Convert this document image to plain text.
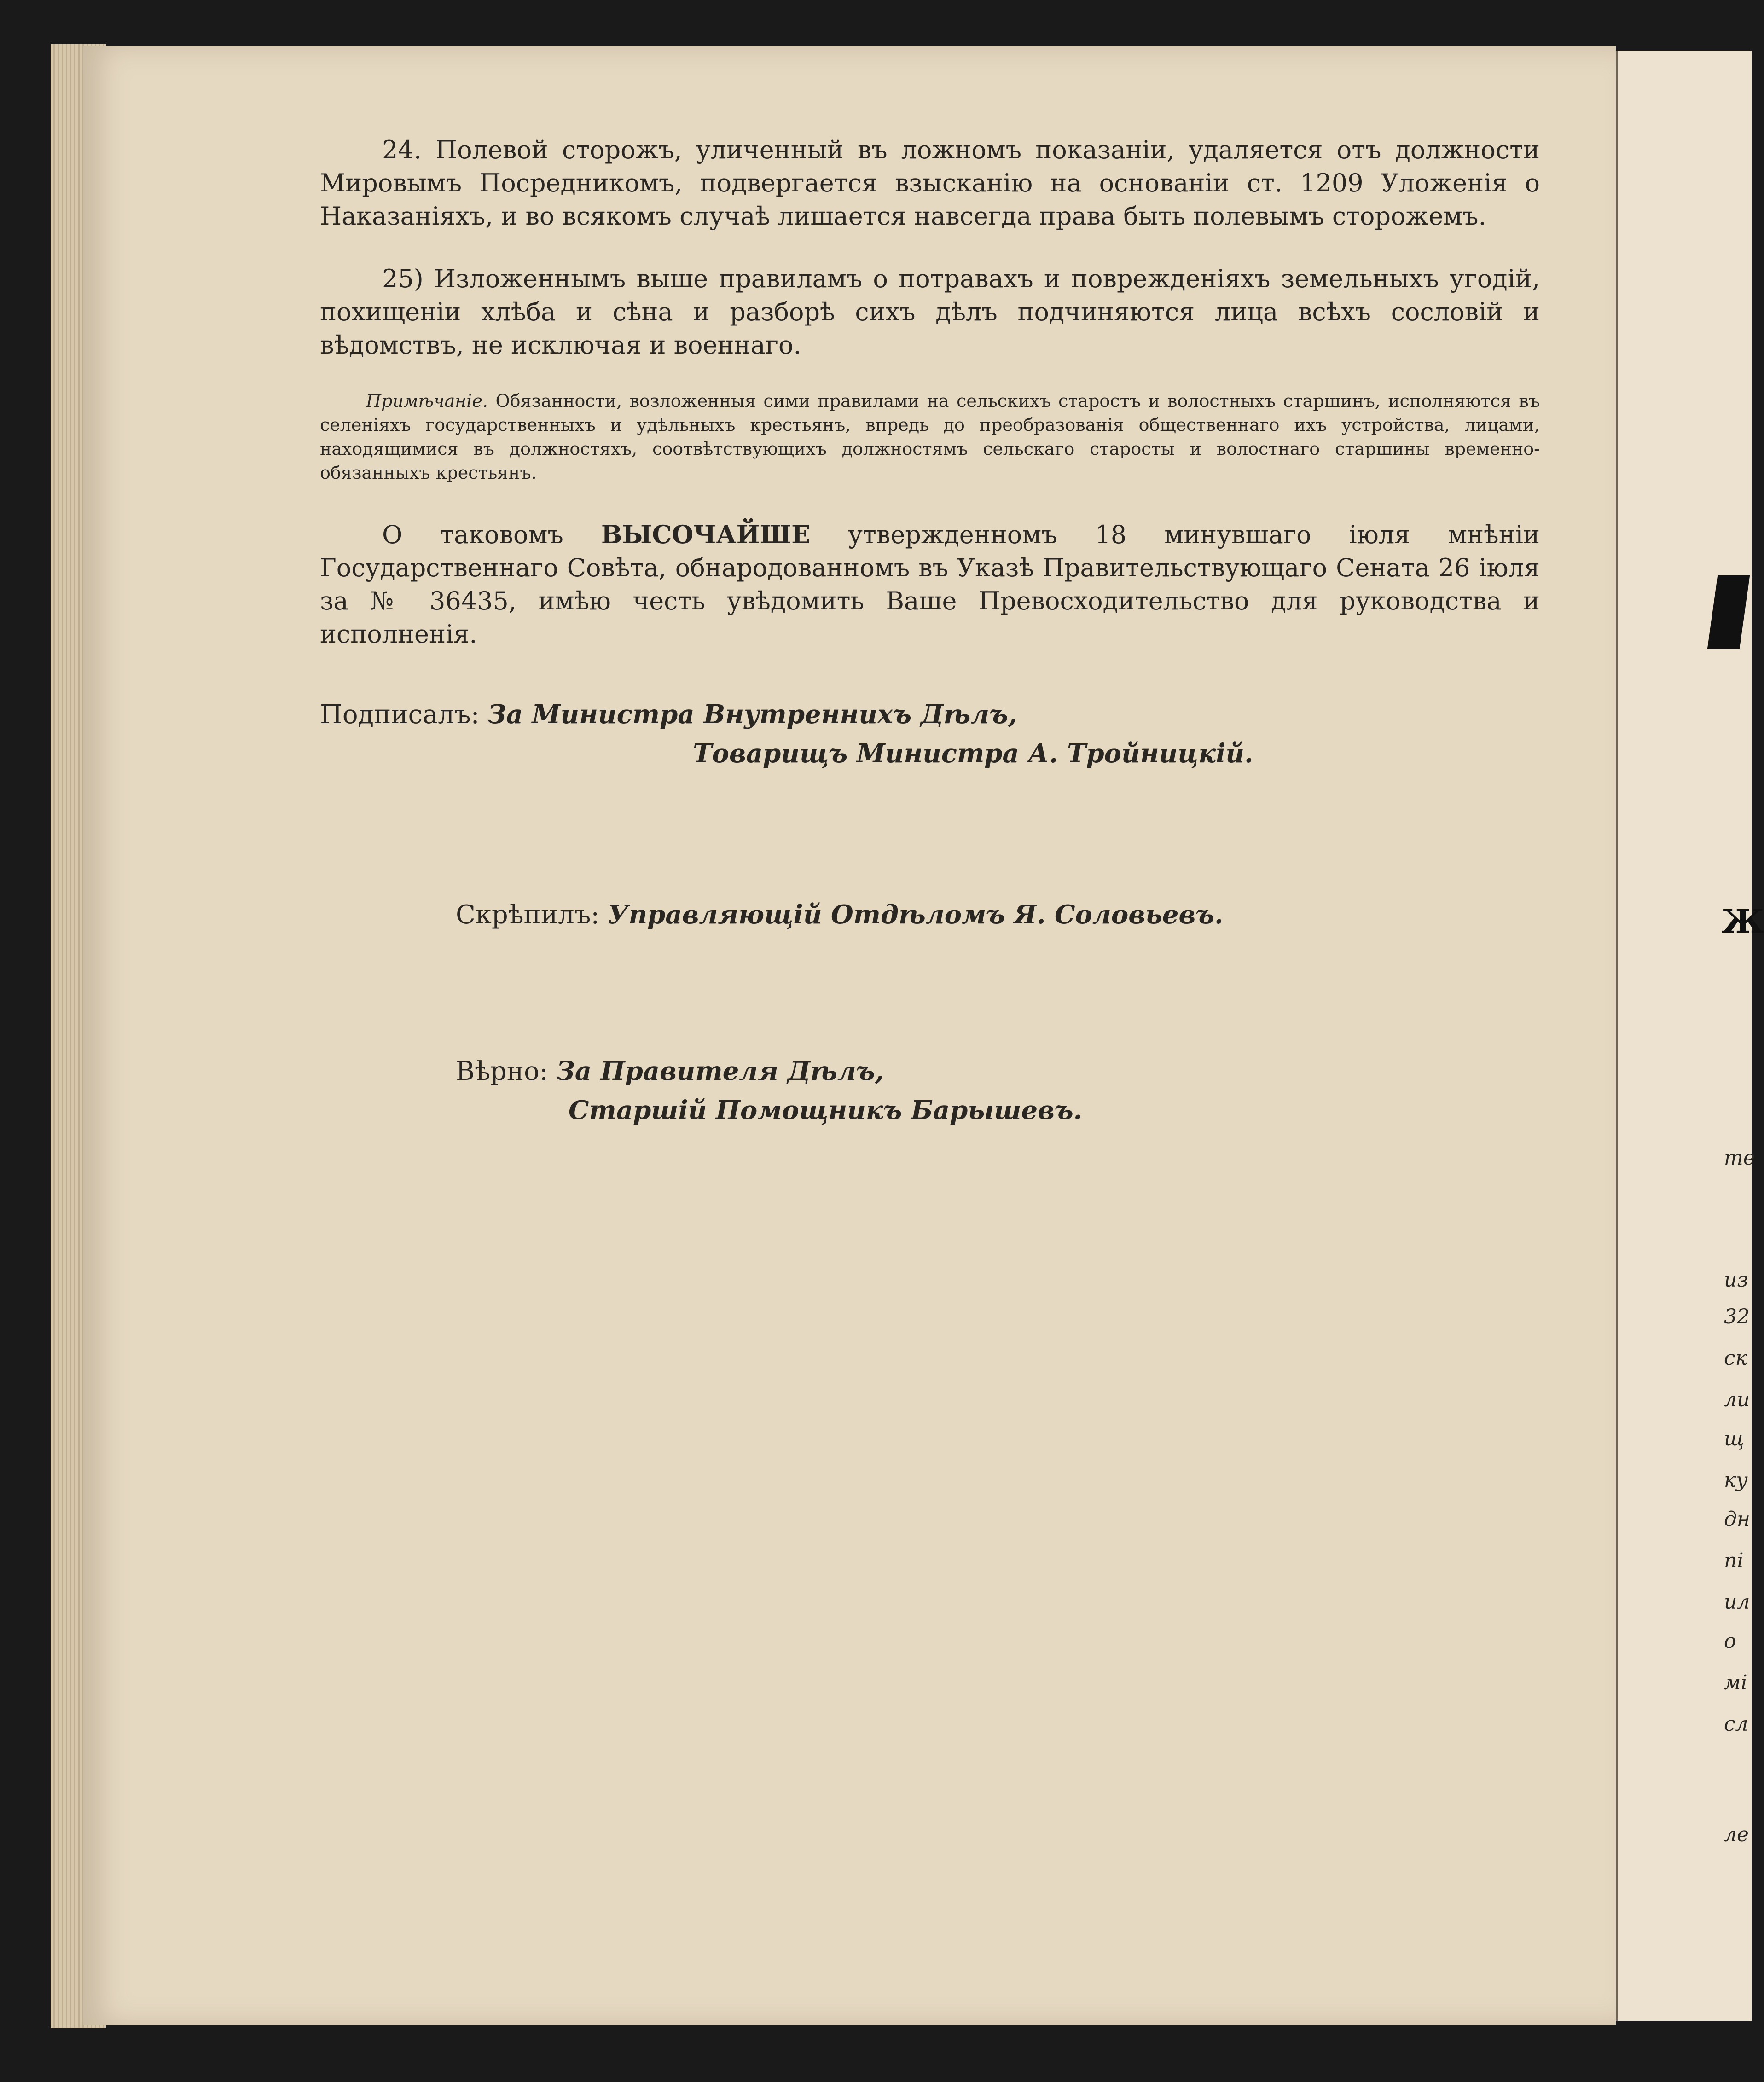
24. Полевой сторожъ, уличенный въ ложномъ показаніи, удаляется отъ должности Мировымъ Посредникомъ, подвергается взысканію на основаніи ст. 1209 Уложенія о Наказаніяхъ, и во всякомъ случаѣ лишается навсегда права быть полевымъ сторожемъ.
25) Изложеннымъ выше правиламъ о потравахъ и поврежденіяхъ земельныхъ угодій, похищеніи хлѣба и сѣна и разборѣ сихъ дѣлъ подчиняются лица всѣхъ сословій и вѣдомствъ, не исключая и военнаго.
Примѣчаніе. Обязанности, возложенныя сими правилами на сельскихъ старостъ и волостныхъ старшинъ, исполняются въ селеніяхъ государственныхъ и удѣльныхъ крестьянъ, впредь до преобразованія общественнаго ихъ устройства, лицами, находящимися въ должностяхъ, соотвѣтствующихъ должностямъ сельскаго старосты и волостнаго старшины временно-обязанныхъ крестьянъ.
О таковомъ ВЫСОЧАЙШЕ утвержденномъ 18 минувшаго іюля мнѣніи Государственнаго Совѣта, обнародованномъ въ Указѣ Правительствующаго Сената 26 іюля за № 36435, имѣю честь увѣдомить Ваше Превосходительство для руководства и исполненія.
Подписалъ: За Министра Внутреннихъ Дѣлъ,
Товарищъ Министра А. Тройницкій.
Скрѣпилъ: Управляющій Отдѣломъ Я. Соловьевъ.
Вѣрно: За Правителя Дѣлъ,
Старшій Помощникъ Барышевъ.
Ж
те
из
32
ск
ли
щ
ку
дн
пі
ил
о
мі
сл
ле
